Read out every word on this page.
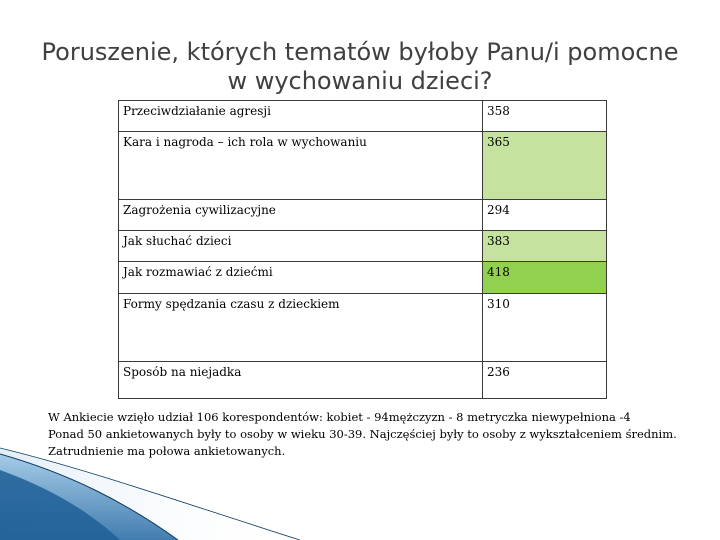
Poruszenie, których tematów byłoby Panu/i pomocne
w wychowaniu dzieci?
Przeciwdziałanie agresji	358
Kara i nagroda – ich rola w wychowaniu	365
Zagrożenia cywilizacyjne	294
Jak słuchać dzieci	383
Jak rozmawiać z dziećmi	418
Formy spędzania czasu z dzieckiem	310
Sposób na niejadka	236
W Ankiecie wzięło udział 106 korespondentów: kobiet - 94mężczyzn - 8 metryczka niewypełniona -4
Ponad 50 ankietowanych były to osoby w wieku 30-39. Najczęściej były to osoby z wykształceniem średnim.
Zatrudnienie ma połowa ankietowanych.
